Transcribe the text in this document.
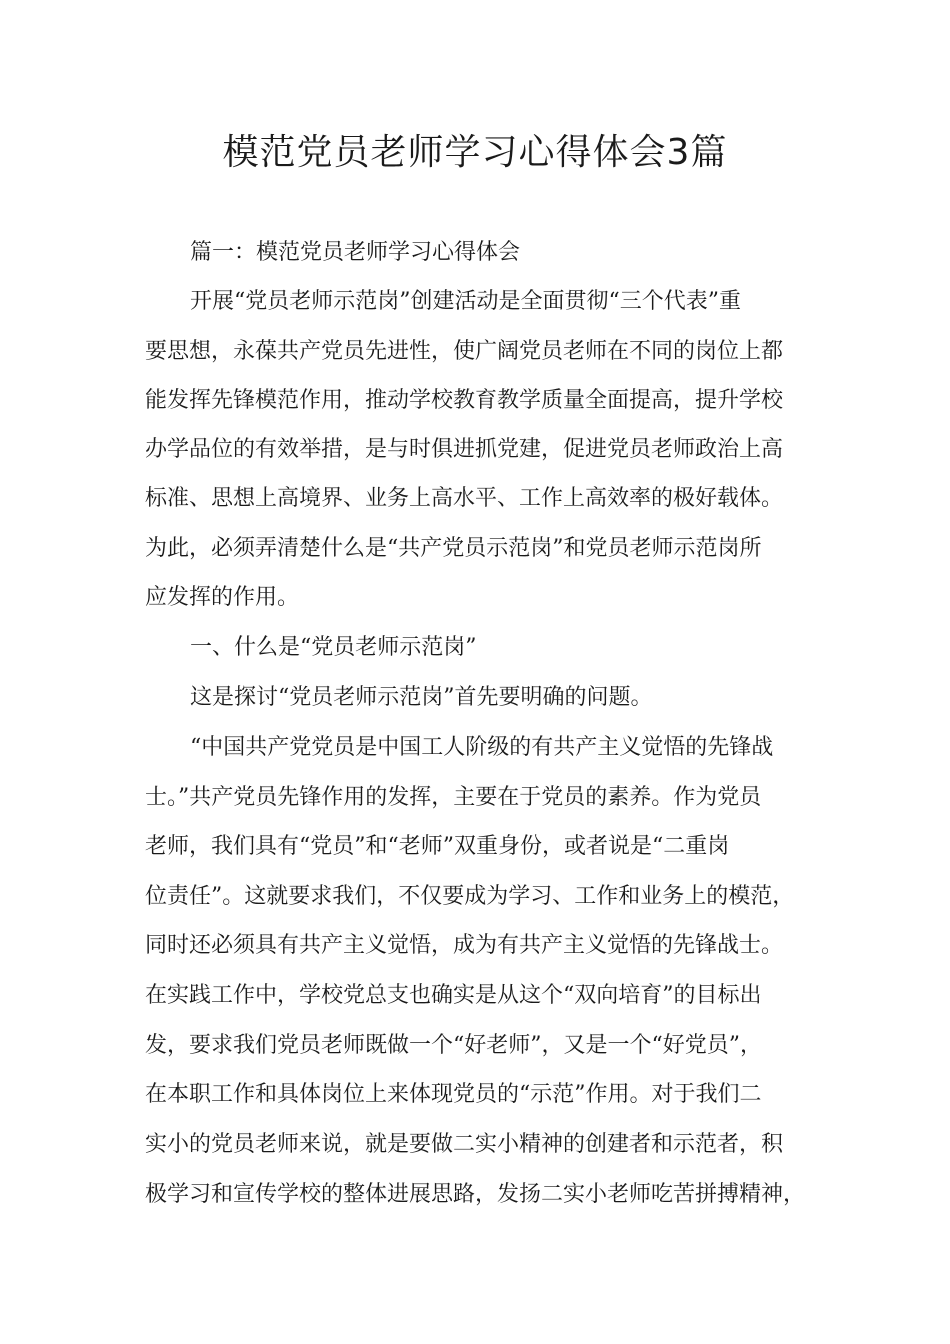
模范党员老师学习心得体会3篇

篇一：模范党员老师学习心得体会

开展“党员老师示范岗”创建活动是全面贯彻“三个代表”重

要思想，永葆共产党员先进性，使广阔党员老师在不同的岗位上都

能发挥先锋模范作用，推动学校教育教学质量全面提高，提升学校

办学品位的有效举措，是与时俱进抓党建，促进党员老师政治上高

标准、思想上高境界、业务上高水平、工作上高效率的极好载体。

为此，必须弄清楚什么是“共产党员示范岗”和党员老师示范岗所

应发挥的作用。

一、什么是“党员老师示范岗”

这是探讨“党员老师示范岗”首先要明确的问题。

“中国共产党党员是中国工人阶级的有共产主义觉悟的先锋战

士。”共产党员先锋作用的发挥，主要在于党员的素养。作为党员

老师，我们具有“党员”和“老师”双重身份，或者说是“二重岗

位责任”。这就要求我们，不仅要成为学习、工作和业务上的模范，

同时还必须具有共产主义觉悟，成为有共产主义觉悟的先锋战士。

在实践工作中，学校党总支也确实是从这个“双向培育”的目标出

发，要求我们党员老师既做一个“好老师”，又是一个“好党员”，

在本职工作和具体岗位上来体现党员的“示范”作用。对于我们二

实小的党员老师来说，就是要做二实小精神的创建者和示范者，积

极学习和宣传学校的整体进展思路，发扬二实小老师吃苦拼搏精神，
